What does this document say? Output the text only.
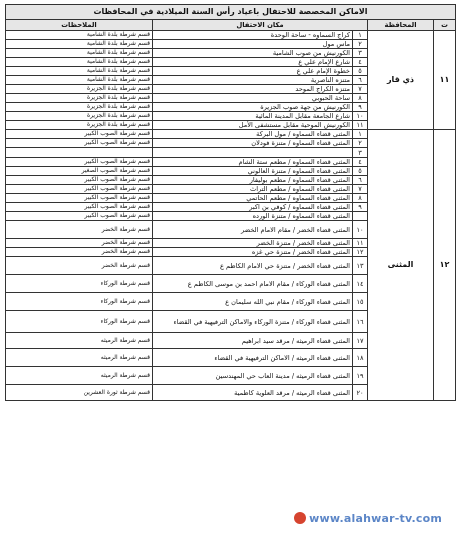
الاماكن المخصصة للاحتفال باعياد رأس السنة الميلادية في المحافظات				
ت	المحافظة	مكان الاحتفال		الملاحظات
١١	ذي قار	١	كراج السماوه - ساحة الوحدة	قسم شرطة بلدة الشامية
		٢	ماس مول	قسم شرطة بلدة الشامية
		٣	الكورنيش من صوب الشامية	قسم شرطة بلدة الشامية
		٤	شارع الإمام علي ع	قسم شرطة بلدة الشامية
		٥	خطوة الإمام علي ع	قسم شرطة بلدة الشامية
		٦	متنزه الناصرية	قسم شرطة بلدة الشامية
		٧	متنزه الكراج الموحد	قسم شرطة بلدة الجزيرة
		٨	ساحة الحبوبي	قسم شرطة بلدة الجزيرة
		٩	الكورنيش من جهة صوب الجزيرة	قسم شرطة بلدة الجزيرة
		١٠	شارع الجامعة مقابل المدينة المائية	قسم شرطة بلدة الجزيرة
		١١	الكورنيش الموحية مقابل مستشفى الأمل	قسم شرطة بلدة الجزيرة
١٢	المثنى	١	المثنى قضاء السماوه / مول البركة	قسم شرطة الصوب الكبير
		٢	المثنى قضاء السماوه / متنزة فودلان	قسم شرطة الصوب الكبير
		٣		
		٤	المثنى قضاء السماوه / مطعم ستة الشام	قسم شرطة الصوب الكبير
		٥	المثنى قضاء السماوه / متنزة العالوني	قسم شرطة الصوب الصغير
		٦	المثنى قضاء السماوه / مطعم بوليفار	قسم شرطة الصوب الكبير
		٧	المثنى قضاء السماوه / مطعم التراث	قسم شرطة الصوب الكبير
		٨	المثنى قضاء السماوه / مطعم الحاتمي	قسم شرطة الصوب الكبير
		٩	المثنى قضاء السماوه / كوفي بن اكبر	قسم شرطة الصوب الكبير
			المثنى قضاء السماوه / متنزة الورده	قسم شرطة الصوب الكبير
		١٠	المثنى قضاء الخضر / مقام الامام الخضر	قسم شرطة الخضر
		١١	المثنى قضاء الخضر / متنزة الخضر	قسم شرطة الخضر
		١٢	المثنى قضاء الخضر / متنزة حي غزه	قسم شرطة الخضر
		١٣	المثنى قضاء الخضر / متنزة حي الامام الكاظم ع	قسم شرطة الخضر
		١٤	المثنى قضاء الوركاء / مقام الامام احمد بن موسى الكاظم ع	قسم شرطة الوركاء
		١٥	المثنى قضاء الوركاء / مقام نبي الله سليمان ع	قسم شرطة الوركاء
		١٦	المثنى قضاء الوركاء / متنزة الوركاء والاماكن الترفيهية في القضاء	قسم شرطة الوركاء
		١٧	المثنى قضاء الرميثه / مرقد سيد ابراهيم	قسم شرطة الرميثه
		١٨	المثنى قضاء الرميثه / الاماكن الترفيهية في القضاء	قسم شرطة الرميثه
		١٩	المثنى قضاء الرميثه / مدينة العاب حي المهندسين	قسم شرطة الرميثه
		٢٠	المثنى قضاء الرميثه / مرقد العلوية كاظمية	قسم شرطة ثورة العشرين
www.alahwar-tv.com
